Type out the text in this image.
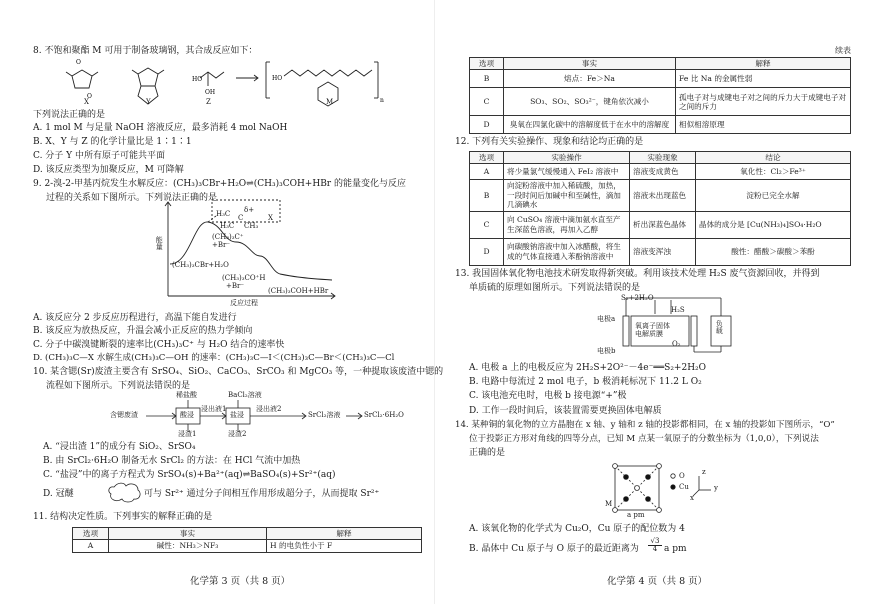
8. 不饱和聚酯 M 可用于制备玻璃钢，其合成反应如下：
O
O
HO
n
OH
HO
X	Y	Z	M
下列说法正确的是
A. 1 mol M 与足量 NaOH 溶液反应，最多消耗 4 mol NaOH
B. X、Y 与 Z 的化学计量比是 1∶1∶1
C. 分子 Y 中所有原子可能共平面
D. 该反应类型为加聚反应，M 可降解
9. 2-溴-2-甲基丙烷发生水解反应：(CH₃)₃CBr+H₂O⇌(CH₃)₃COH+HBr 的能量变化与反应
过程的关系如下图所示。下列说法正确的是
能量
反应过程
H₃C δ+
C	X
H₃C CH₃
(CH₃)₃C⁺
+Br⁻
(CH₃)₃CBr+H₂O
(CH₃)₃CO⁺H
+Br⁻
(CH₃)₃COH+HBr
A. 该反应分 2 步反应历程进行，高温下能自发进行
B. 该反应为放热反应，升温会减小正反应的热力学倾向
C. 分子中碳溴键断裂的速率比(CH₃)₃C⁺ 与 H₂O 结合的速率快
D. (CH₃)₃C—X 水解生成(CH₃)₃C—OH 的速率：(CH₃)₃C—I＜(CH₃)₃C—Br＜(CH₃)₃C—Cl
10. 某含锶(Sr)废渣主要含有 SrSO₄、SiO₂、CaCO₃、SrCO₃ 和 MgCO₃ 等，一种提取该废渣中锶的
流程如下图所示。下列说法错误的是
稀盐酸	BaCl₂溶液
含锶废渣	酸浸
浸出液1
盐浸
浸出液2
SrCl₂溶液	SrCl₂·6H₂O
浸渣1	浸渣2
A. “浸出渣 1”的成分有 SiO₂、SrSO₄
B. 由 SrCl₂·6H₂O 制备无水 SrCl₂ 的方法：在 HCl 气流中加热
C. “盐浸”中的离子方程式为 SrSO₄(s)+Ba²⁺(aq)⇌BaSO₄(s)+Sr²⁺(aq)
D. 冠醚	可与 Sr²⁺ 通过分子间相互作用形成超分子，从而提取 Sr²⁺
11. 结构决定性质。下列事实的解释正确的是
选项	事实	解释
A	碱性：NH₃＞NF₃	H 的电负性小于 F
化学第 3 页（共 8 页）
续表
选项	事实	解释
B	熔点：Fe＞Na	Fe 比 Na 的金属性弱
C	SO₃、SO₂、SO₃²⁻，键角依次减小	孤电子对与成键电子对之间的斥力大于成键电子对之间的斥力
D	臭氧在四氯化碳中的溶解度低于在水中的溶解度	相似相溶原理
12. 下列有关实验操作、现象和结论均正确的是
选项	实验操作	实验现象	结论
A	将少量氯气缓慢通入 FeI₂ 溶液中	溶液变成黄色	氧化性：Cl₂＞Fe³⁺
B	向淀粉溶液中加入稀硫酸，加热，一段时间后加碱中和至碱性，滴加几滴碘水	溶液未出现蓝色	淀粉已完全水解
C	向 CuSO₄ 溶液中滴加氨水直至产生深蓝色溶液，再加入乙醇	析出深蓝色晶体	晶体的成分是 [Cu(NH₃)₄]SO₄·H₂O
D	向碳酸钠溶液中加入冰醋酸，将生成的气体直接通入苯酚钠溶液中	溶液变浑浊	酸性：醋酸＞碳酸＞苯酚
13. 我国固体氧化物电池技术研发取得新突破。利用该技术处理 H₂S 废气资源回收，并得到
单质硫的原理如图所示。下列说法错误的是
S₂+2H₂O
H₂S
O₂
电极a
氧离子固体
电解质膜
电极b
负载
A. 电极 a 上的电极反应为 2H₂S+2O²⁻－4e⁻══S₂+2H₂O
B. 电路中每流过 2 mol 电子，b 极消耗标况下 11.2 L O₂
C. 该电池充电时，电极 b 接电源“+”极
D. 工作一段时间后，该装置需要更换固体电解质
14. 某种铜的氧化物的立方晶胞在 x 轴、y 轴和 z 轴的投影都相同，在 x 轴的投影如下图所示，“O”
位于投影正方形对角线的四等分点，已知 M 点某一氧原子的分数坐标为（1,0,0），下列说法
正确的是
O
Cu
M
a pm
z
y
x
A. 该氧化物的化学式为 Cu₂O，Cu 原子的配位数为 4
B. 晶体中 Cu 原子与 O 原子的最近距离为 $\frac{√3}{4}$ a pm
化学第 4 页（共 8 页）
